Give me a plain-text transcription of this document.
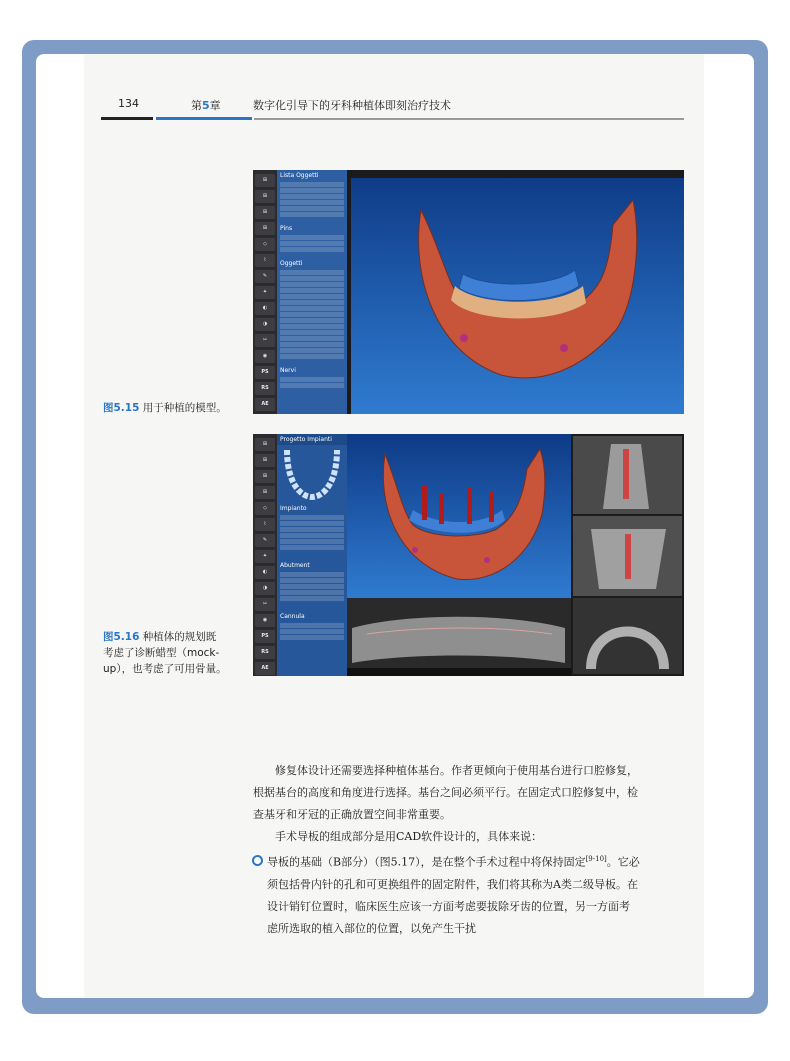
134	第5章	数字化引导下的牙科种植体即刻治疗技术
⊞
⊞
⊞
⊞
◇
⌇
✎
✦
◐
◑
✂
◉
PS
RS
AE
Lista Oggetti
Pins
Oggetti
Nervi
图5.15 用于种植的模型。
⊞
⊞
⊞
⊞
◇
⌇
✎
✦
◐
◑
✂
◉
PS
RS
AE
Progetto Impianti
Impianto
Abutment
Cannula
图5.16 种植体的规划既
考虑了诊断蜡型（mock-
up），也考虑了可用骨量。
修复体设计还需要选择种植体基台。作者更倾向于使用基台进行口腔修复，
根据基台的高度和角度进行选择。基台之间必须平行。在固定式口腔修复中，检
查基牙和牙冠的正确放置空间非常重要。
手术导板的组成部分是用CAD软件设计的，具体来说：
导板的基础（B部分）（图5.17），是在整个手术过程中将保持固定[9-10]。它必
须包括骨内针的孔和可更换组件的固定附件，我们将其称为A类二级导板。在
设计销钉位置时，临床医生应该一方面考虑要拔除牙齿的位置，另一方面考
虑所选取的植入部位的位置，以免产生干扰
